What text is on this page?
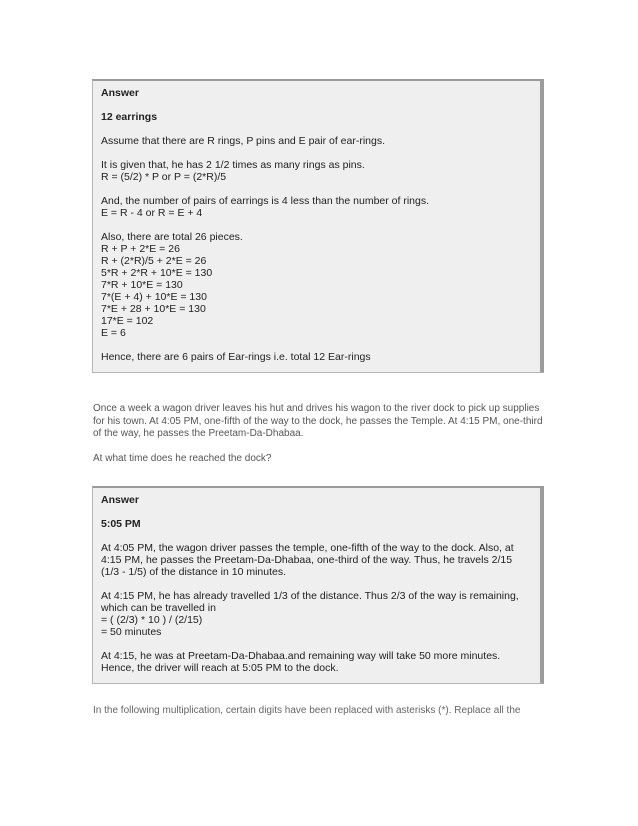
Answer

12 earrings

Assume that there are R rings, P pins and E pair of ear-rings.

It is given that, he has 2 1/2 times as many rings as pins.
R = (5/2) * P or P = (2*R)/5

And, the number of pairs of earrings is 4 less than the number of rings.
E = R - 4 or R = E + 4

Also, there are total 26 pieces.
R + P + 2*E = 26
R + (2*R)/5 + 2*E = 26
5*R + 2*R + 10*E = 130
7*R + 10*E = 130
7*(E + 4) + 10*E = 130
7*E + 28 + 10*E = 130
17*E = 102
E = 6

Hence, there are 6 pairs of Ear-rings i.e. total 12 Ear-rings

Once a week a wagon driver leaves his hut and drives his wagon to the river dock to pick up supplies for his town. At 4:05 PM, one-fifth of the way to the dock, he passes the Temple. At 4:15 PM, one-third of the way, he passes the Preetam-Da-Dhabaa.

At what time does he reached the dock?

Answer

5:05 PM

At 4:05 PM, the wagon driver passes the temple, one-fifth of the way to the dock. Also, at 4:15 PM, he passes the Preetam-Da-Dhabaa, one-third of the way. Thus, he travels 2/15 (1/3 - 1/5) of the distance in 10 minutes.

At 4:15 PM, he has already travelled 1/3 of the distance. Thus 2/3 of the way is remaining, which can be travelled in
= ( (2/3) * 10 ) / (2/15)
= 50 minutes

At 4:15, he was at Preetam-Da-Dhabaa.and remaining way will take 50 more minutes. Hence, the driver will reach at 5:05 PM to the dock.

In the following multiplication, certain digits have been replaced with asterisks (*). Replace all the
